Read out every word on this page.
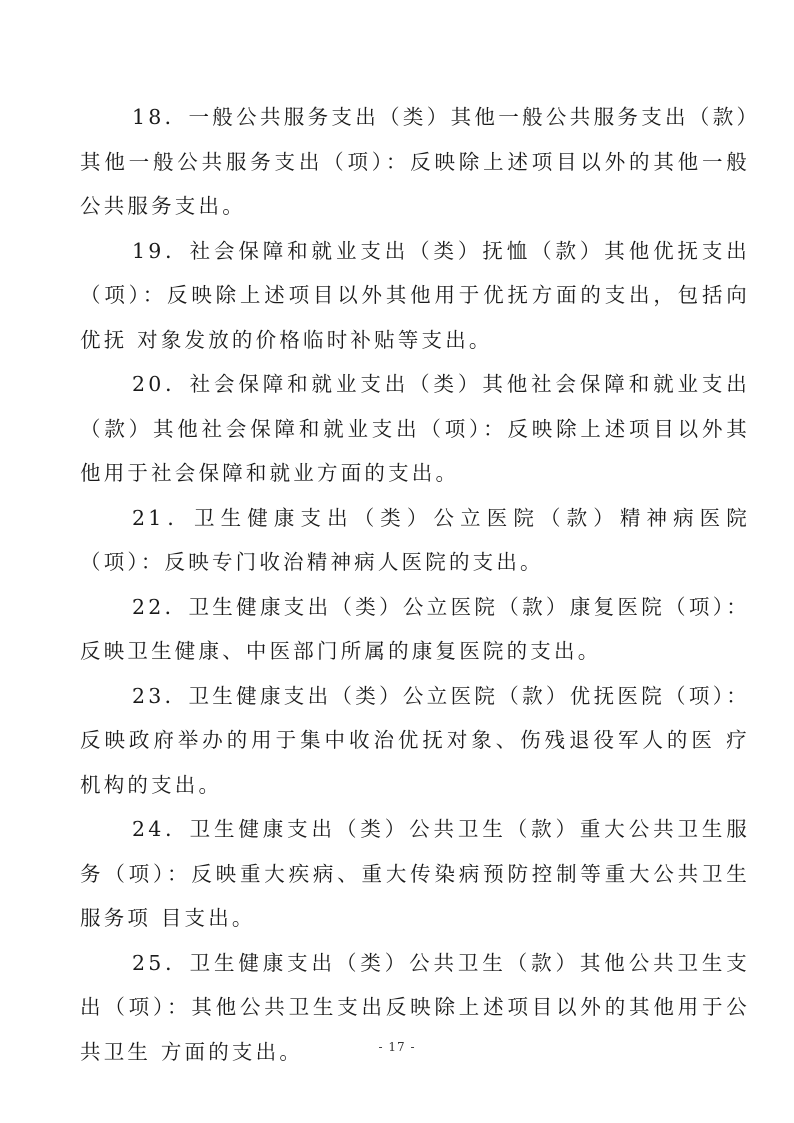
18．一般公共服务支出（类）其他一般公共服务支出（款）其他一般公共服务支出（项）：反映除上述项目以外的其他一般公共服务支出。

19．社会保障和就业支出（类）抚恤（款）其他优抚支出（项）：反映除上述项目以外其他用于优抚方面的支出，包括向优抚 对象发放的价格临时补贴等支出。

20．社会保障和就业支出（类）其他社会保障和就业支出（款）其他社会保障和就业支出（项）：反映除上述项目以外其他用于社会保障和就业方面的支出。

21．卫生健康支出（类）公立医院（款）精神病医院（项）：反映专门收治精神病人医院的支出。

22．卫生健康支出（类）公立医院（款）康复医院（项）：反映卫生健康、中医部门所属的康复医院的支出。

23．卫生健康支出（类）公立医院（款）优抚医院（项）：反映政府举办的用于集中收治优抚对象、伤残退役军人的医 疗机构的支出。

24．卫生健康支出（类）公共卫生（款）重大公共卫生服务（项）：反映重大疾病、重大传染病预防控制等重大公共卫生服务项 目支出。

25．卫生健康支出（类）公共卫生（款）其他公共卫生支出（项）：其他公共卫生支出反映除上述项目以外的其他用于公共卫生 方面的支出。	- 17 -
